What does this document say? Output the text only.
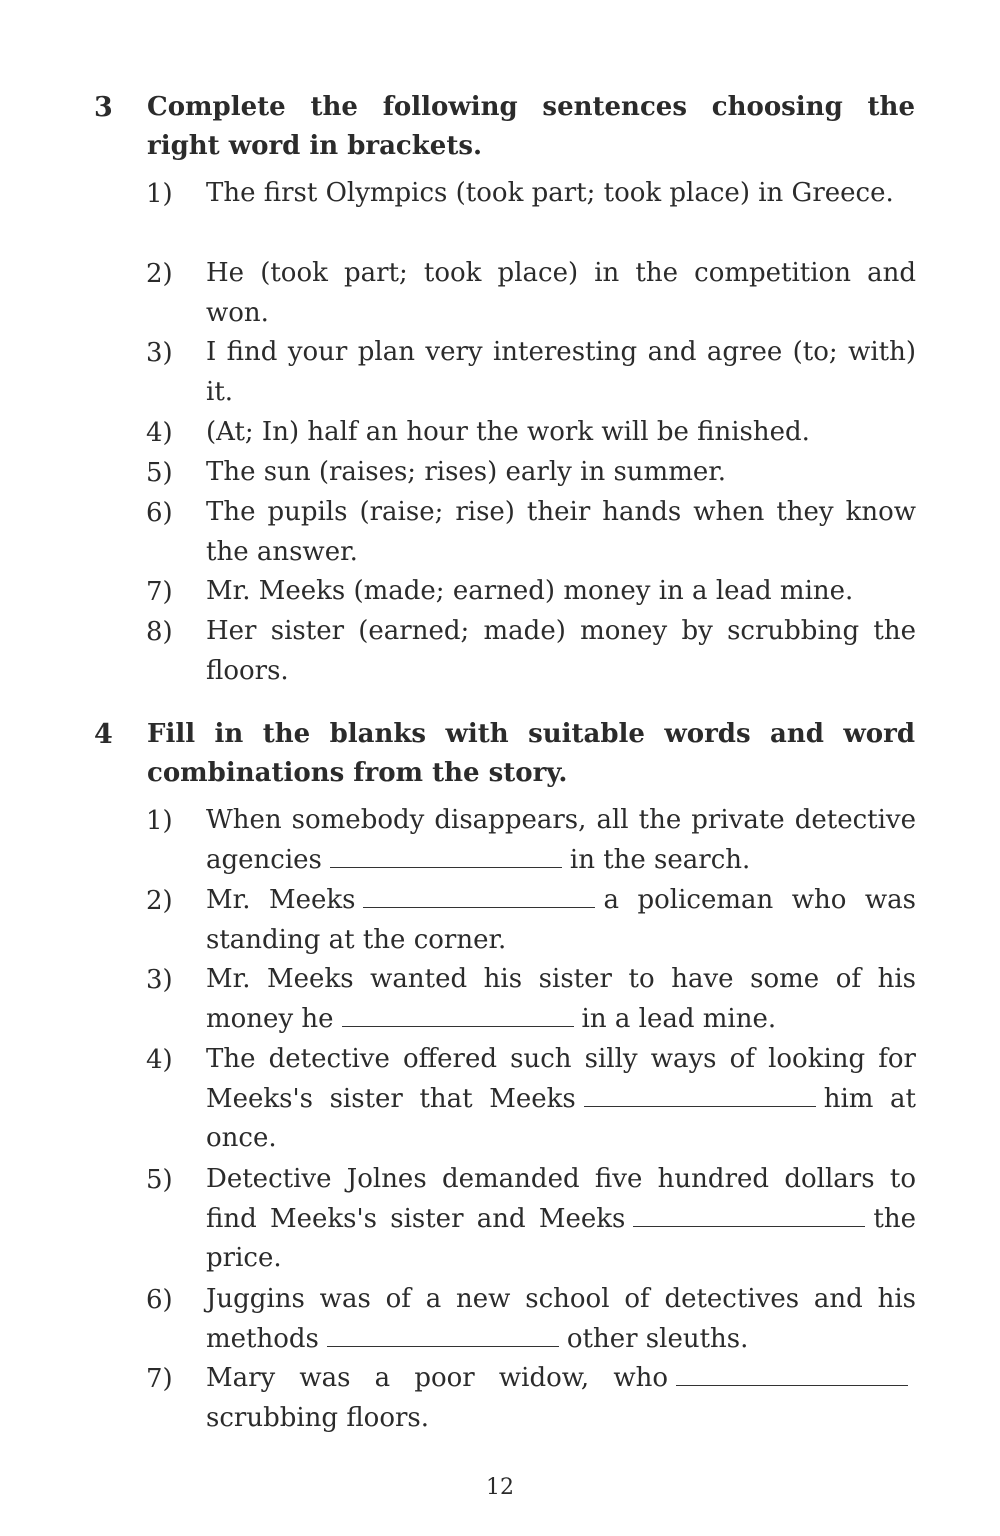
3 Complete the following sentences choosing the right word in brackets.
1) The first Olympics (took part; took place) in Greece.
2) He (took part; took place) in the competition and won.
3) I find your plan very interesting and agree (to; with) it.
4) (At; In) half an hour the work will be finished.
5) The sun (raises; rises) early in summer.
6) The pupils (raise; rise) their hands when they know the answer.
7) Mr. Meeks (made; earned) money in a lead mine.
8) Her sister (earned; made) money by scrubbing the floors.
4 Fill in the blanks with suitable words and word combinations from the story.
1) When somebody disappears, all the private detective agencies	in the search.
2) Mr. Meeks	a policeman who was standing at the corner.
3) Mr. Meeks wanted his sister to have some of his money he	in a lead mine.
4) The detective offered such silly ways of looking for Meeks's sister that Meeks	him at once.
5) Detective Jolnes demanded five hundred dollars to find Meeks's sister and Meeks	the price.
6) Juggins was of a new school of detectives and his methods	other sleuths.
7) Mary was a poor widow, whoscrubbing floors.
12
